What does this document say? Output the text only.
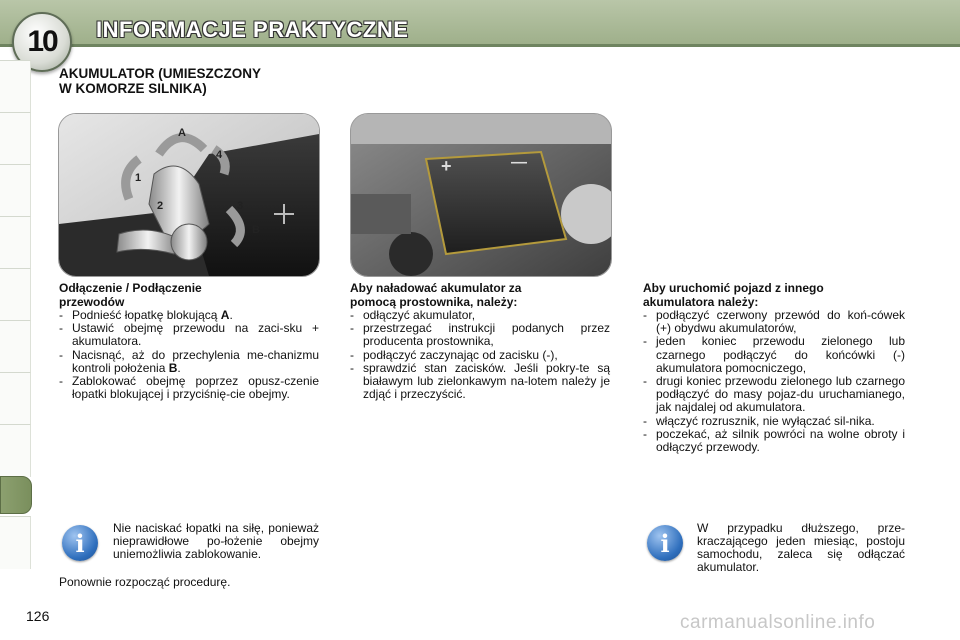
10	INFORMACJE PRAKTYCZNE
AKUMULATOR (UMIESZCZONY
W KOMORZE SILNIKA)
A
B
1
2	3
4
+	—
Odłączenie / Podłączenie
przewodów
- Podnieść łopatkę blokującą A.
- Ustawić obejmę przewodu na zaci-sku + akumulatora.
- Nacisnąć, aż do przechylenia me-chanizmu kontroli położenia B.
- Zablokować obejmę poprzez opusz-czenie łopatki blokującej i przyciśnię-cie obejmy.
Aby naładować akumulator za
pomocą prostownika, należy:
- odłączyć akumulator,
- przestrzegać instrukcji podanych przez producenta prostownika,
- podłączyć zaczynając od zacisku (-),
- sprawdzić stan zacisków. Jeśli pokry-te są białawym lub zielonkawym na-lotem należy je zdjąć i przeczyścić.
Aby uruchomić pojazd z innego
akumulatora należy:
- podłączyć czerwony przewód do koń-cówek (+) obydwu akumulatorów,
- jeden koniec przewodu zielonego lub czarnego podłączyć do końcówki (-) akumulatora pomocniczego,
- drugi koniec przewodu zielonego lub czarnego podłączyć do masy pojaz-du uruchamianego, jak najdalej od akumulatora.
- włączyć rozrusznik, nie wyłączać sil-nika.
- poczekać, aż silnik powróci na wolne obroty i odłączyć przewody.
i
Nie naciskać łopatki na siłę, ponieważ nieprawidłowe po-łożenie obejmy uniemożliwia zablokowanie.
Ponownie rozpocząć procedurę.
i
W przypadku dłuższego, prze-kraczającego jeden miesiąc, postoju samochodu, zaleca się odłączać akumulator.
126	carmanualsonline.info
